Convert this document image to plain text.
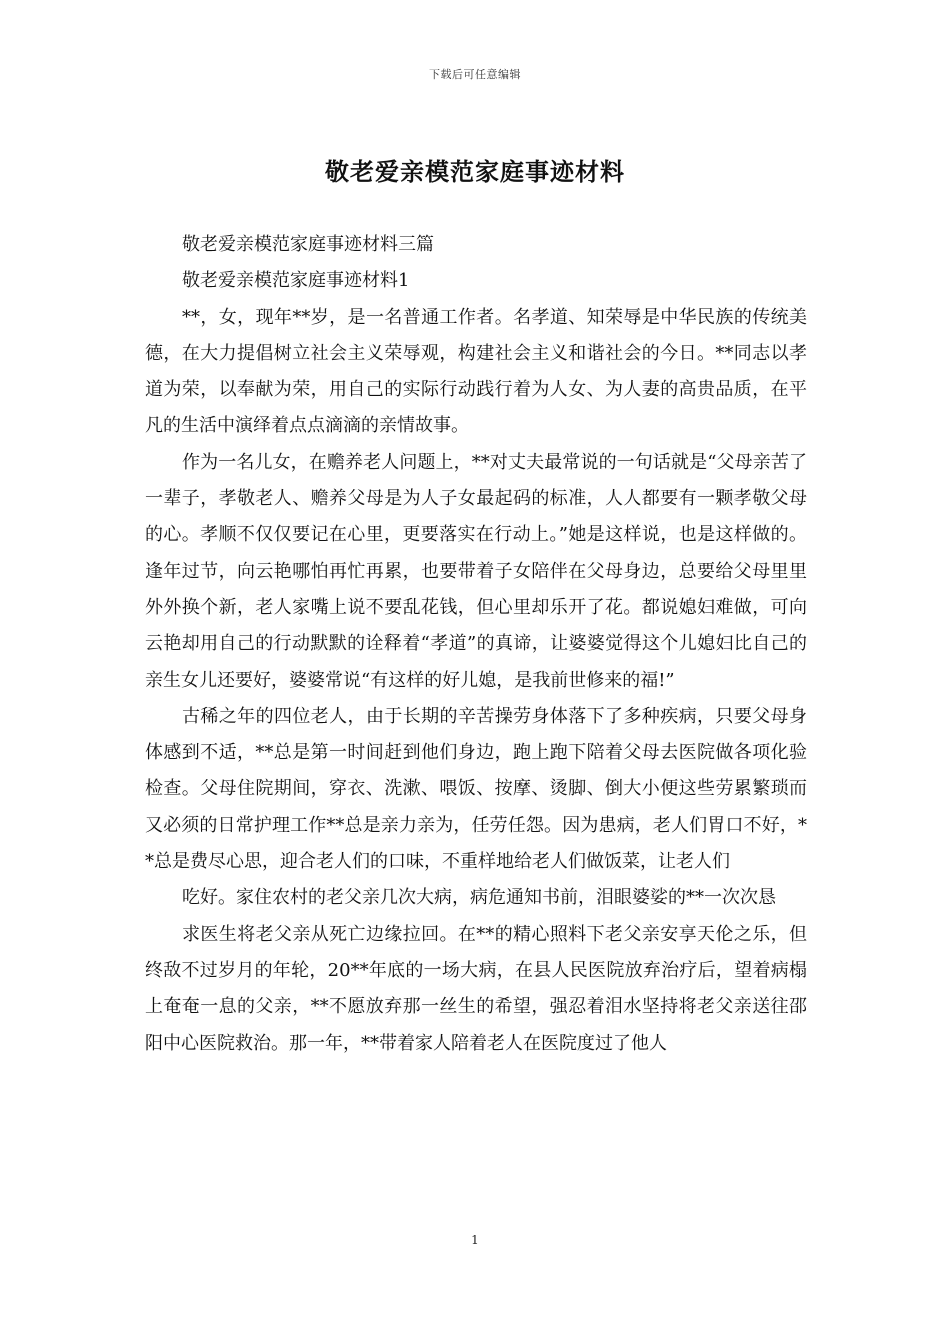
下载后可任意编辑
敬老爱亲模范家庭事迹材料

敬老爱亲模范家庭事迹材料三篇

敬老爱亲模范家庭事迹材料1

**，女，现年**岁，是一名普通工作者。名孝道、知荣辱是中华民族的传统美德，在大力提倡树立社会主义荣辱观，构建社会主义和谐社会的今日。**同志以孝道为荣，以奉献为荣，用自己的实际行动践行着为人女、为人妻的高贵品质，在平凡的生活中演绎着点点滴滴的亲情故事。

作为一名儿女，在赡养老人问题上，**对丈夫最常说的一句话就是“父母亲苦了一辈子，孝敬老人、赡养父母是为人子女最起码的标准，人人都要有一颗孝敬父母的心。孝顺不仅仅要记在心里，更要落实在行动上。”她是这样说，也是这样做的。逢年过节，向云艳哪怕再忙再累，也要带着子女陪伴在父母身边，总要给父母里里外外换个新，老人家嘴上说不要乱花钱，但心里却乐开了花。都说媳妇难做，可向云艳却用自己的行动默默的诠释着“孝道”的真谛，让婆婆觉得这个儿媳妇比自己的亲生女儿还要好，婆婆常说“有这样的好儿媳，是我前世修来的福!”

古稀之年的四位老人，由于长期的辛苦操劳身体落下了多种疾病，只要父母身体感到不适，**总是第一时间赶到他们身边，跑上跑下陪着父母去医院做各项化验检查。父母住院期间，穿衣、洗漱、喂饭、按摩、烫脚、倒大小便这些劳累繁琐而又必须的日常护理工作**总是亲力亲为，任劳任怨。因为患病，老人们胃口不好，**总是费尽心思，迎合老人们的口味，不重样地给老人们做饭菜，让老人们

吃好。家住农村的老父亲几次大病，病危通知书前，泪眼婆娑的**一次次恳

求医生将老父亲从死亡边缘拉回。在**的精心照料下老父亲安享天伦之乐，但终敌不过岁月的年轮，20**年底的一场大病，在县人民医院放弃治疗后，望着病榻上奄奄一息的父亲，**不愿放弃那一丝生的希望，强忍着泪水坚持将老父亲送往邵阳中心医院救治。那一年，**带着家人陪着老人在医院度过了他人

1
